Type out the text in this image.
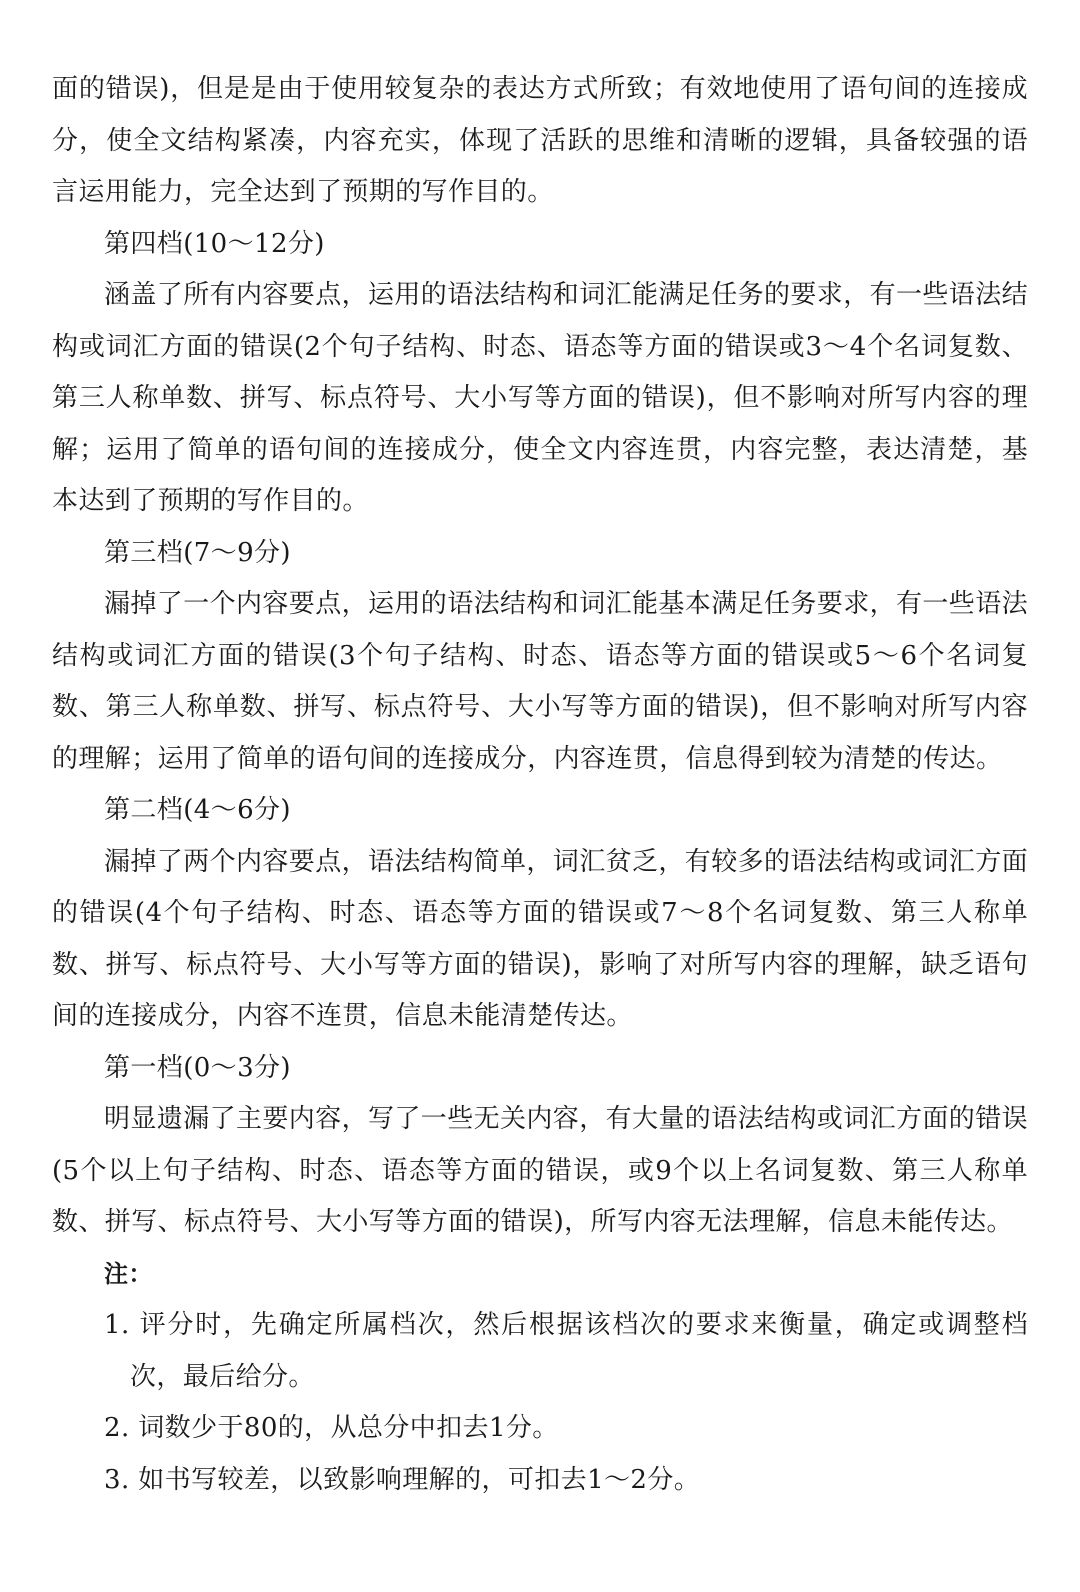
面的错误)，但是是由于使用较复杂的表达方式所致；有效地使用了语句间的连接成分，使全文结构紧凑，内容充实，体现了活跃的思维和清晰的逻辑，具备较强的语言运用能力，完全达到了预期的写作目的。

第四档(10～12分)

涵盖了所有内容要点，运用的语法结构和词汇能满足任务的要求，有一些语法结构或词汇方面的错误(2个句子结构、时态、语态等方面的错误或3～4个名词复数、第三人称单数、拼写、标点符号、大小写等方面的错误)，但不影响对所写内容的理解；运用了简单的语句间的连接成分，使全文内容连贯，内容完整，表达清楚，基本达到了预期的写作目的。

第三档(7～9分)

漏掉了一个内容要点，运用的语法结构和词汇能基本满足任务要求，有一些语法结构或词汇方面的错误(3个句子结构、时态、语态等方面的错误或5～6个名词复数、第三人称单数、拼写、标点符号、大小写等方面的错误)，但不影响对所写内容的理解；运用了简单的语句间的连接成分，内容连贯，信息得到较为清楚的传达。

第二档(4～6分)

漏掉了两个内容要点，语法结构简单，词汇贫乏，有较多的语法结构或词汇方面的错误(4个句子结构、时态、语态等方面的错误或7～8个名词复数、第三人称单数、拼写、标点符号、大小写等方面的错误)，影响了对所写内容的理解，缺乏语句间的连接成分，内容不连贯，信息未能清楚传达。

第一档(0～3分)

明显遗漏了主要内容，写了一些无关内容，有大量的语法结构或词汇方面的错误(5个以上句子结构、时态、语态等方面的错误，或9个以上名词复数、第三人称单数、拼写、标点符号、大小写等方面的错误)，所写内容无法理解，信息未能传达。

注：

1. 评分时，先确定所属档次，然后根据该档次的要求来衡量，确定或调整档次，最后给分。

2. 词数少于80的，从总分中扣去1分。

3. 如书写较差，以致影响理解的，可扣去1～2分。
